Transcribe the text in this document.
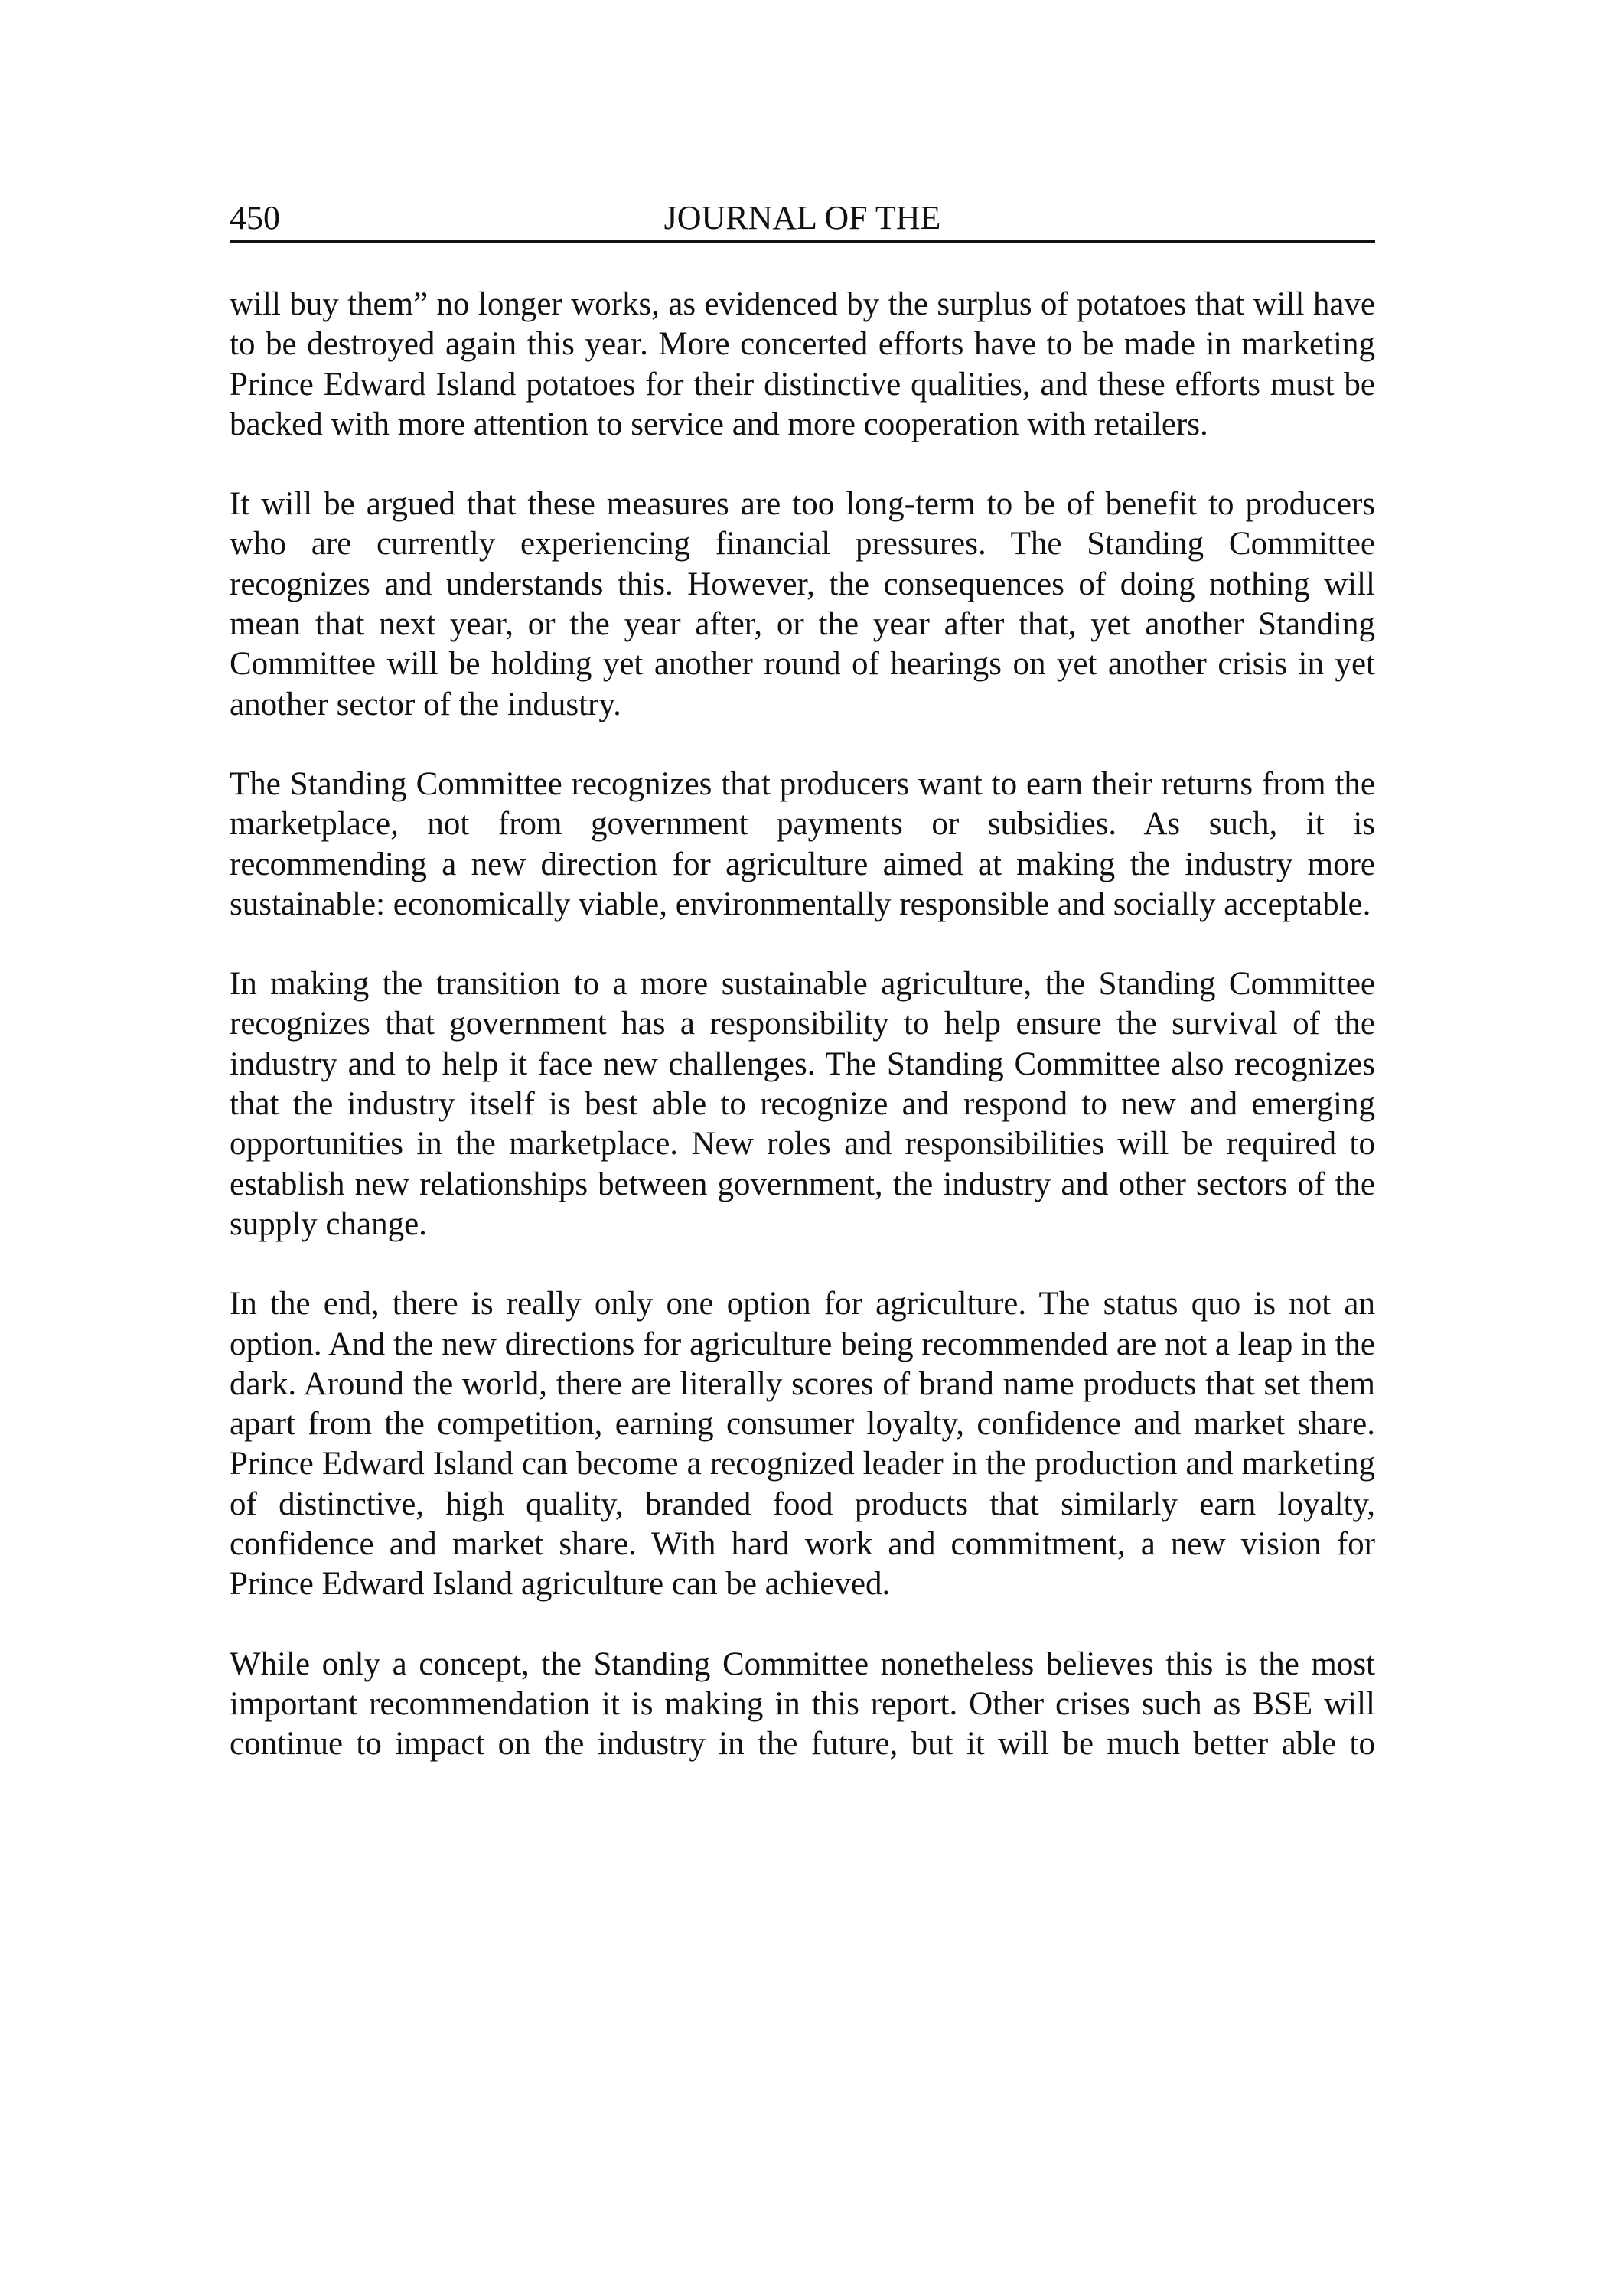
450	JOURNAL OF THE

will buy them” no longer works, as evidenced by the surplus of potatoes that will have to be destroyed again this year. More concerted efforts have to be made in marketing Prince Edward Island potatoes for their distinctive qualities, and these efforts must be backed with more attention to service and more cooperation with retailers.

It will be argued that these measures are too long-term to be of benefit to producers who are currently experiencing financial pressures. The Standing Committee recognizes and understands this. However, the consequences of doing nothing will mean that next year, or the year after, or the year after that, yet another Standing Committee will be holding yet another round of hearings on yet another crisis in yet another sector of the industry.

The Standing Committee recognizes that producers want to earn their returns from the marketplace, not from government payments or subsidies. As such, it is recommending a new direction for agriculture aimed at making the industry more sustainable: economically viable, environmentally responsible and socially acceptable.

In making the transition to a more sustainable agriculture, the Standing Committee recognizes that government has a responsibility to help ensure the survival of the industry and to help it face new challenges. The Standing Committee also recognizes that the industry itself is best able to recognize and respond to new and emerging opportunities in the marketplace. New roles and responsibilities will be required to establish new relationships between government, the industry and other sectors of the supply change.

In the end, there is really only one option for agriculture. The status quo is not an option. And the new directions for agriculture being recommended are not a leap in the dark. Around the world, there are literally scores of brand name products that set them apart from the competition, earning consumer loyalty, confidence and market share. Prince Edward Island can become a recognized leader in the production and marketing of distinctive, high quality, branded food products that similarly earn loyalty, confidence and market share. With hard work and commitment, a new vision for Prince Edward Island agriculture can be achieved.

While only a concept, the Standing Committee nonetheless believes this is the most important recommendation it is making in this report. Other crises such as BSE will continue to impact on the industry in the future, but it will be much better able to
